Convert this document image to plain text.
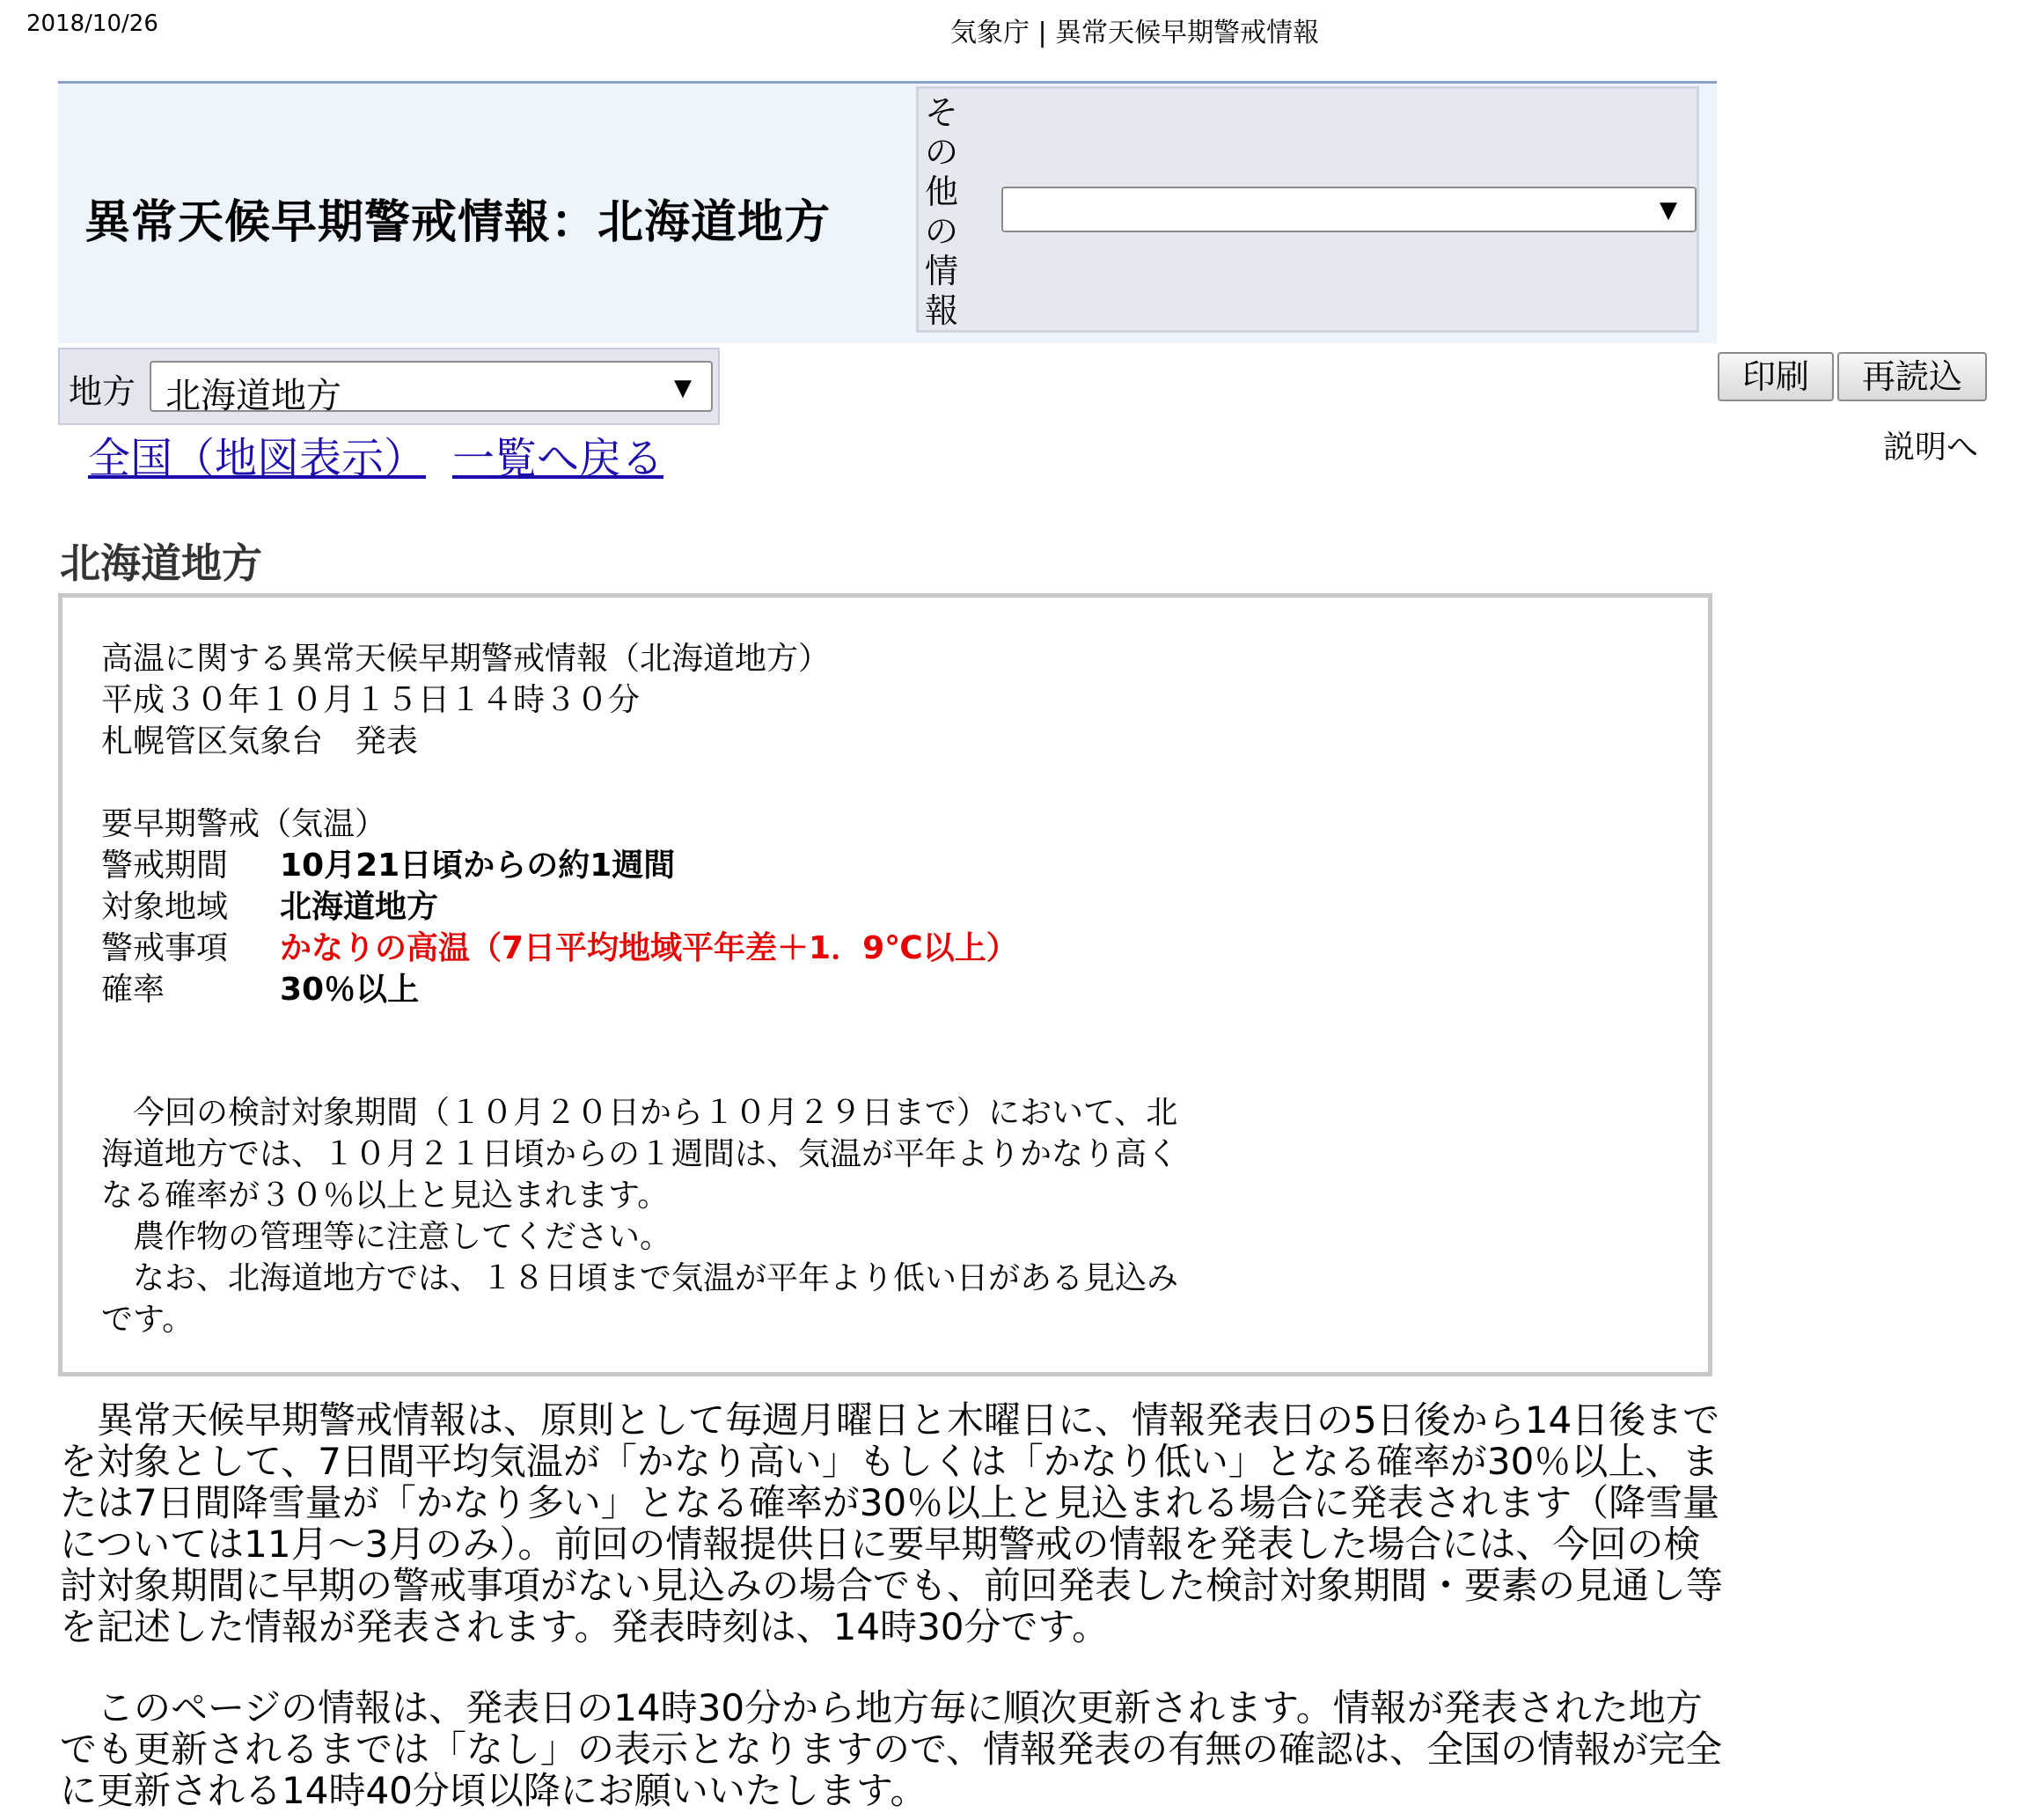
2018/10/26	気象庁 | 異常天候早期警戒情報
異常天候早期警戒情報：北海道地方
その他の情報
▼
地方 北海道地方	▼	印刷	再読込
説明へ
全国（地図表示） 一覧へ戻る
北海道地方
高温に関する異常天候早期警戒情報（北海道地方）
平成３０年１０月１５日１４時３０分
札幌管区気象台　発表
要早期警戒（気温）
警戒期間 10月21日頃からの約1週間
対象地域 北海道地方
警戒事項 かなりの高温（7日平均地域平年差＋1．9℃以上）
確率	30％以上
　今回の検討対象期間（１０月２０日から１０月２９日まで）において、北
海道地方では、１０月２１日頃からの１週間は、気温が平年よりかなり高く
なる確率が３０％以上と見込まれます。
　農作物の管理等に注意してください。
　なお、北海道地方では、１８日頃まで気温が平年より低い日がある見込み
です。
　異常天候早期警戒情報は、原則として毎週月曜日と木曜日に、情報発表日の5日後から14日後までを対象として、7日間平均気温が「かなり高い」もしくは「かなり低い」となる確率が30％以上、または7日間降雪量が「かなり多い」となる確率が30％以上と見込まれる場合に発表されます（降雪量については11月～3月のみ）。前回の情報提供日に要早期警戒の情報を発表した場合には、今回の検討対象期間に早期の警戒事項がない見込みの場合でも、前回発表した検討対象期間・要素の見通し等を記述した情報が発表されます。発表時刻は、14時30分です。
　このページの情報は、発表日の14時30分から地方毎に順次更新されます。情報が発表された地方でも更新されるまでは「なし」の表示となりますので、情報発表の有無の確認は、全国の情報が完全に更新される14時40分頃以降にお願いいたします。
